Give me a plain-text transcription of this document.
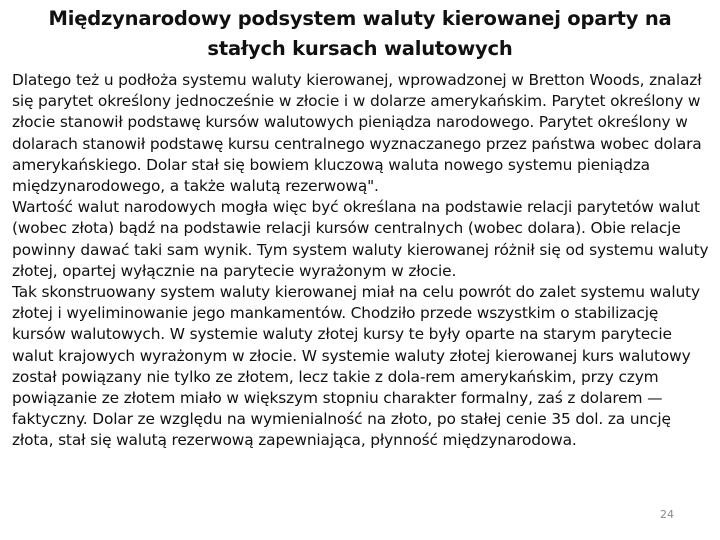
Międzynarodowy podsystem waluty kierowanej oparty na
stałych kursach walutowych

Dlatego też u podłoża systemu waluty kierowanej, wprowadzonej w Bretton Woods, znalazł się parytet określony jednocześnie w złocie i w dolarze amerykańskim. Parytet określony w złocie stanowił podstawę kursów walutowych pieniądza narodowego. Parytet określony w dolarach stanowił podstawę kursu centralnego wyznaczanego przez państwa wobec dolara amerykańskiego. Dolar stał się bowiem kluczową waluta nowego systemu pieniądza międzynarodowego, a także walutą rezerwową".

Wartość walut narodowych mogła więc być określana na podstawie relacji parytetów walut (wobec złota) bądź na podstawie relacji kursów centralnych (wobec dolara). Obie relacje powinny dawać taki sam wynik. Tym system waluty kierowanej różnił się od systemu waluty złotej, opartej wyłącznie na parytecie wyrażonym w złocie.

Tak skonstruowany system waluty kierowanej miał na celu powrót do zalet systemu waluty złotej i wyeliminowanie jego mankamentów. Chodziło przede wszystkim o stabilizację kursów walutowych. W systemie waluty złotej kursy te były oparte na starym parytecie walut krajowych wyrażonym w złocie. W systemie waluty złotej kierowanej kurs walutowy został powiązany nie tylko ze złotem, lecz takie z dola-rem amerykańskim, przy czym powiązanie ze złotem miało w większym stopniu charakter formalny, zaś z dolarem — faktyczny. Dolar ze względu na wymienialność na złoto, po stałej cenie 35 dol. za uncję złota, stał się walutą rezerwową zapewniająca, płynność międzynarodowa.

24
